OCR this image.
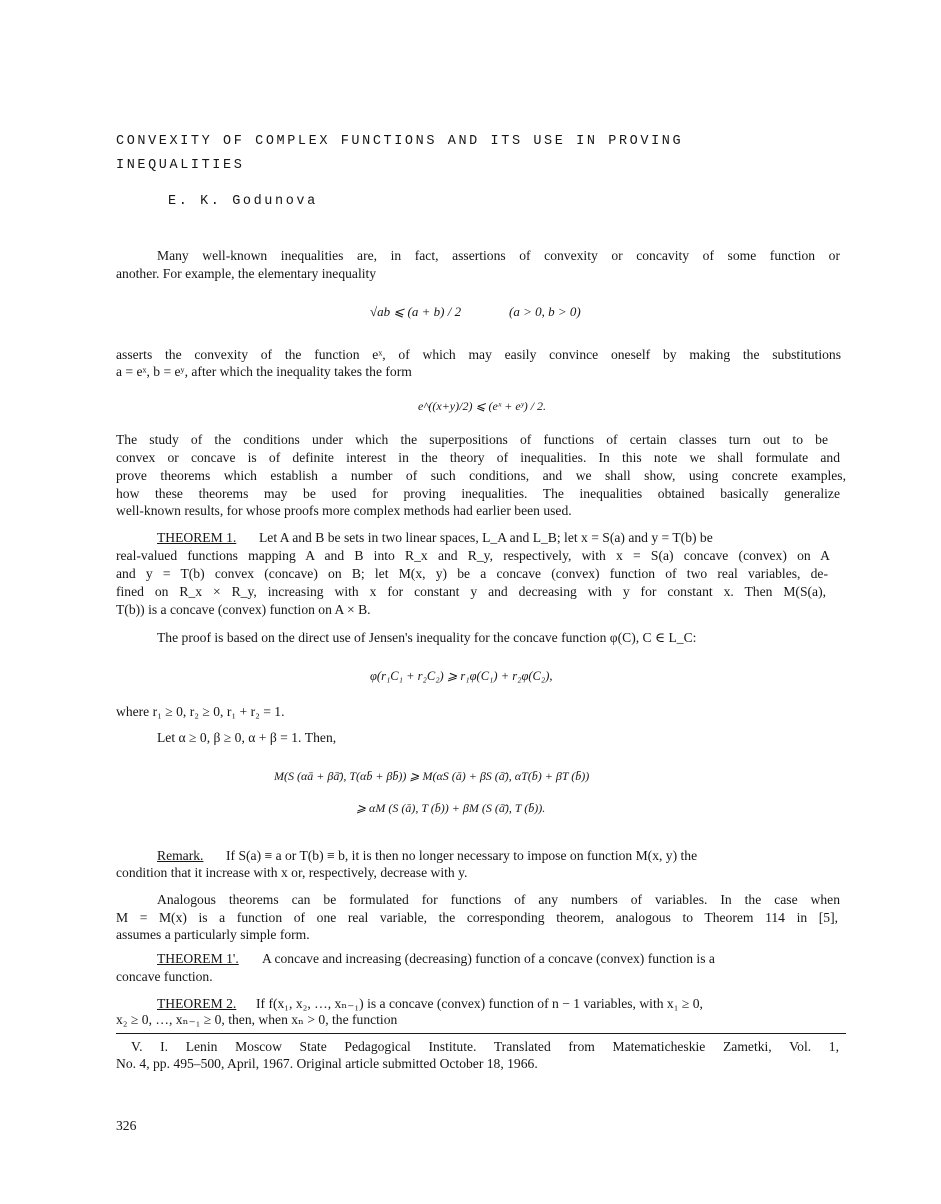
CONVEXITY OF COMPLEX FUNCTIONS AND ITS USE IN PROVING
INEQUALITIES
E. K. Godunova
Many well-known inequalities are, in fact, assertions of convexity or concavity of some function or
another. For example, the elementary inequality
√ab ⩽ (a + b) / 2	(a > 0, b > 0)
asserts the convexity of the function eˣ, of which may easily convince oneself by making the substitutions
a = eˣ, b = eʸ, after which the inequality takes the form
e^((x+y)/2) ⩽ (eˣ + eʸ) / 2.
The study of the conditions under which the superpositions of functions of certain classes turn out to be
convex or concave is of definite interest in the theory of inequalities. In this note we shall formulate and
prove theorems which establish a number of such conditions, and we shall show, using concrete examples,
how these theorems may be used for proving inequalities. The inequalities obtained basically generalize
well-known results, for whose proofs more complex methods had earlier been used.
THEOREM 1.	Let A and B be sets in two linear spaces, L_A and L_B; let x = S(a) and y = T(b) be
real-valued functions mapping A and B into R_x and R_y, respectively, with x = S(a) concave (convex) on A
and y = T(b) convex (concave) on B; let M(x, y) be a concave (convex) function of two real variables, de-
fined on R_x × R_y, increasing with x for constant y and decreasing with y for constant x. Then M(S(a),
T(b)) is a concave (convex) function on A × B.
The proof is based on the direct use of Jensen's inequality for the concave function φ(C), C ∈ L_C:
φ(r₁C₁ + r₂C₂) ⩾ r₁φ(C₁) + r₂φ(C₂),
where r₁ ≥ 0, r₂ ≥ 0, r₁ + r₂ = 1.
Let α ≥ 0, β ≥ 0, α + β = 1. Then,
M(S (αā + βā̄), T(αb̄ + βb̄̄)) ⩾ M(αS (ā) + βS (ā̄), αT(b̄) + βT (b̄̄))
⩾ αM (S (ā), T (b̄)) + βM (S (ā̄), T (b̄̄)).
Remark.	If S(a) ≡ a or T(b) ≡ b, it is then no longer necessary to impose on function M(x, y) the
condition that it increase with x or, respectively, decrease with y.
Analogous theorems can be formulated for functions of any numbers of variables. In the case when
M = M(x) is a function of one real variable, the corresponding theorem, analogous to Theorem 114 in [5],
assumes a particularly simple form.
THEOREM 1'.	A concave and increasing (decreasing) function of a concave (convex) function is a
concave function.
THEOREM 2.	If f(x₁, x₂, …, xₙ₋₁) is a concave (convex) function of n − 1 variables, with x₁ ≥ 0,
x₂ ≥ 0, …, xₙ₋₁ ≥ 0, then, when xₙ > 0, the function
V. I. Lenin Moscow State Pedagogical Institute. Translated from Matematicheskie Zametki, Vol. 1,
No. 4, pp. 495–500, April, 1967. Original article submitted October 18, 1966.
326
